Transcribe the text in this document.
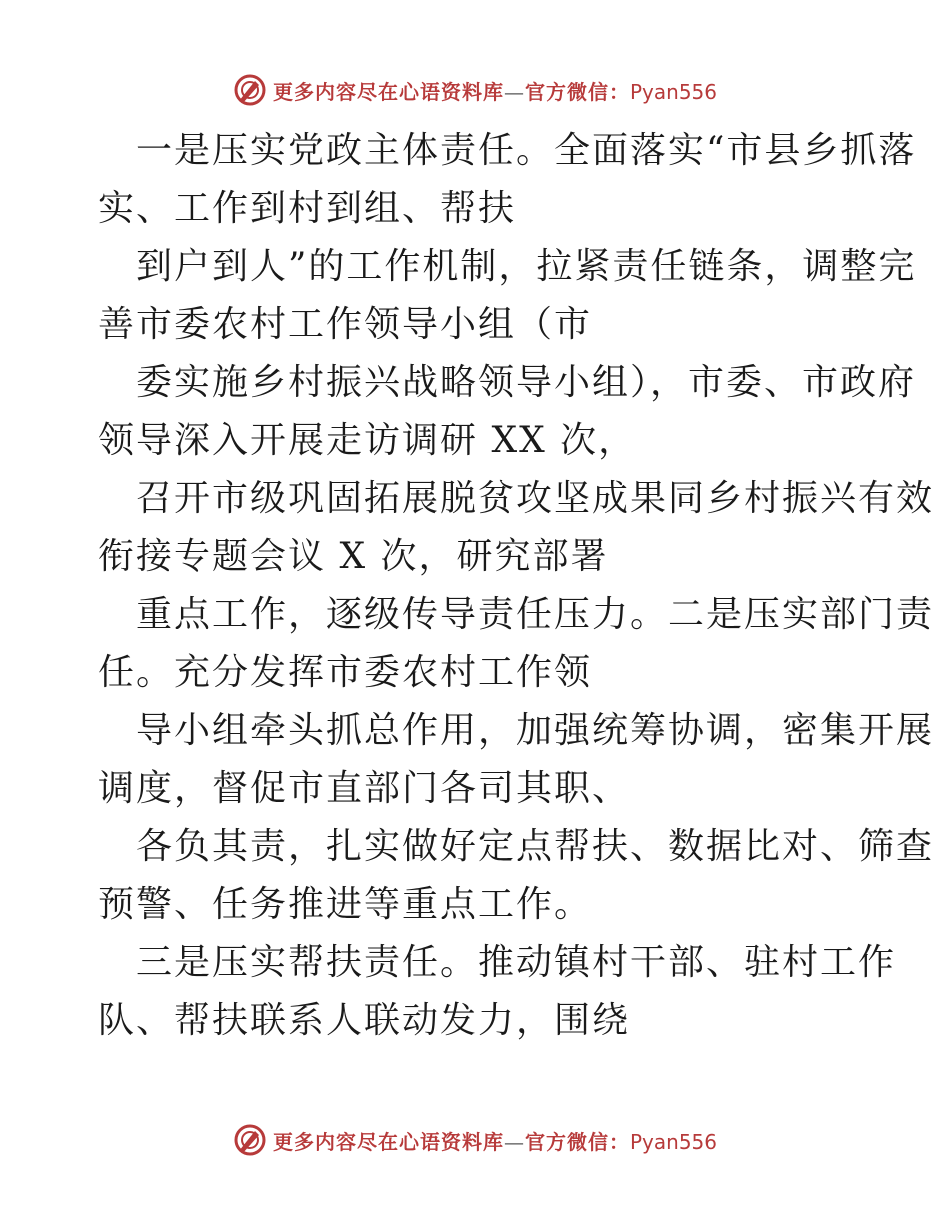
更多内容尽在心语资料库—官方微信：Pyan556
一是压实党政主体责任。全面落实“市县乡抓落
实、工作到村到组、帮扶
到户到人”的工作机制，拉紧责任链条，调整完
善市委农村工作领导小组（市
委实施乡村振兴战略领导小组），市委、市政府
领导深入开展走访调研 XX 次，
召开市级巩固拓展脱贫攻坚成果同乡村振兴有效
衔接专题会议 X 次，研究部署
重点工作，逐级传导责任压力。二是压实部门责
任。充分发挥市委农村工作领
导小组牵头抓总作用，加强统筹协调，密集开展
调度，督促市直部门各司其职、
各负其责，扎实做好定点帮扶、数据比对、筛查
预警、任务推进等重点工作。
三是压实帮扶责任。推动镇村干部、驻村工作
队、帮扶联系人联动发力，围绕
更多内容尽在心语资料库—官方微信：Pyan556
